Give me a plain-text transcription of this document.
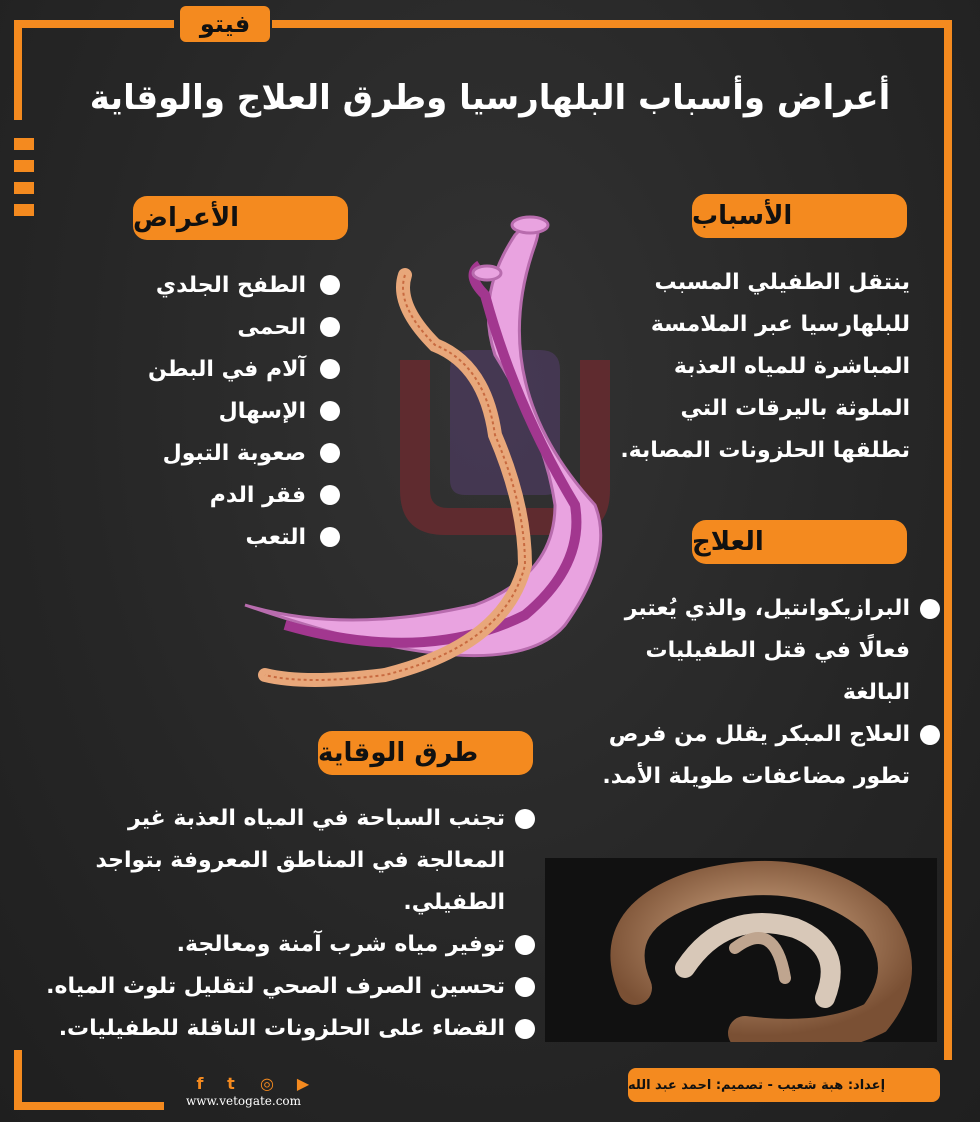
فيتو
أعراض وأسباب البلهارسيا وطرق العلاج والوقاية
الأعراض
الطفح الجلدي
الحمى
آلام في البطن
الإسهال
صعوبة التبول
فقر الدم
التعب
الأسباب
ينتقل الطفيلي المسبب
للبلهارسيا عبر الملامسة
المباشرة للمياه العذبة
الملوثة باليرقات التي
تطلقها الحلزونات المصابة.
العلاج
البرازيكوانتيل، والذي يُعتبر
فعالًا في قتل الطفيليات
البالغة
العلاج المبكر يقلل من فرص
تطور مضاعفات طويلة الأمد.
طرق الوقاية
تجنب السباحة في المياه العذبة غير
المعالجة في المناطق المعروفة بتواجد
الطفيلي.
توفير مياه شرب آمنة ومعالجة.
تحسين الصرف الصحي لتقليل تلوث المياه.
القضاء على الحلزونات الناقلة للطفيليات.
إعداد: هبة شعيب - تصميم: احمد عبد الله
f	t	◎ ▶
www.vetogate.com
